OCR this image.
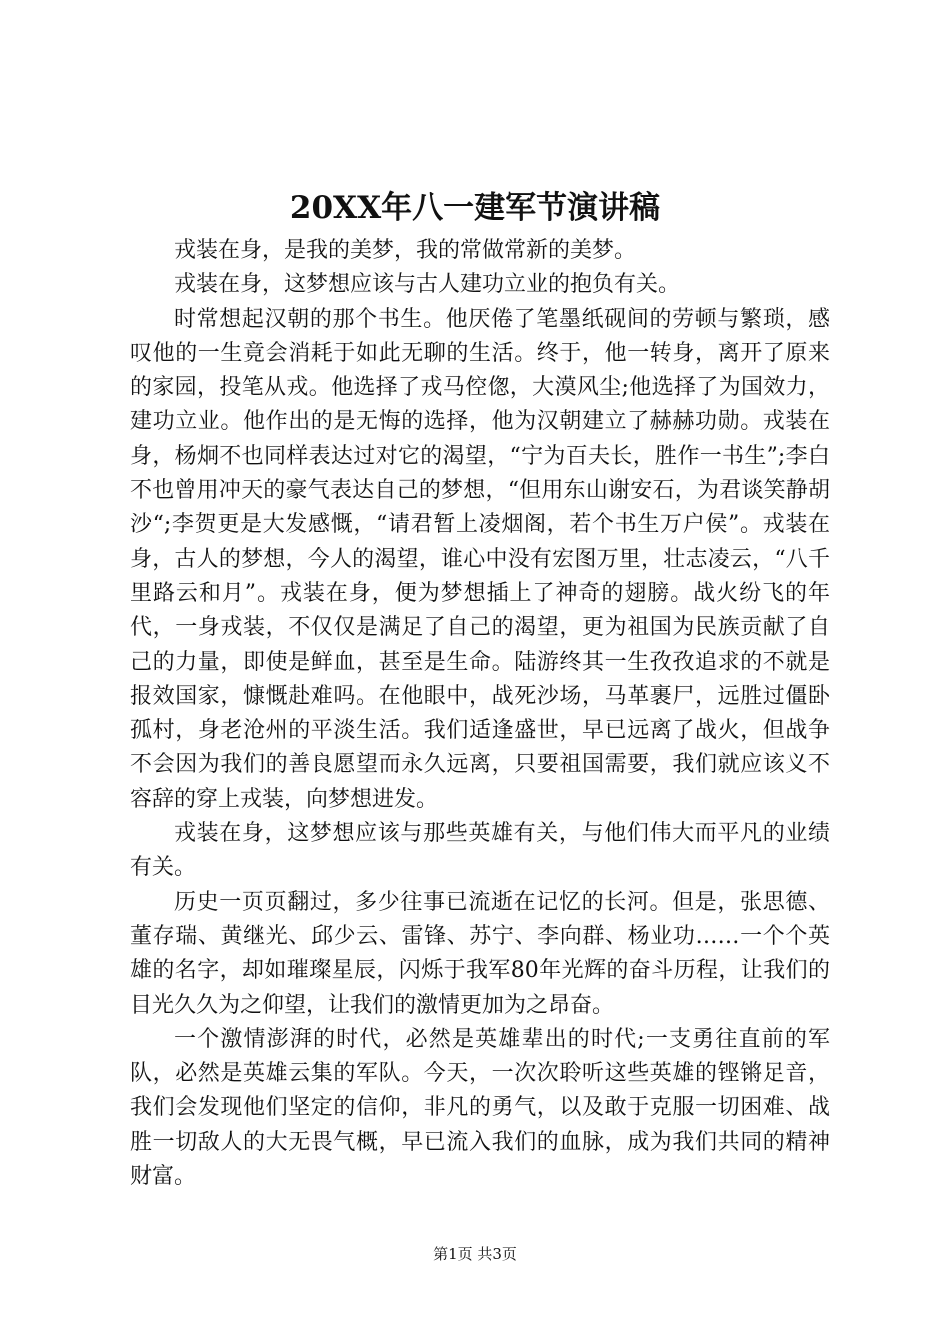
20XX年八一建军节演讲稿

戎装在身，是我的美梦，我的常做常新的美梦。

戎装在身，这梦想应该与古人建功立业的抱负有关。

时常想起汉朝的那个书生。他厌倦了笔墨纸砚间的劳顿与繁琐，感叹他的一生竟会消耗于如此无聊的生活。终于，他一转身，离开了原来的家园，投笔从戎。他选择了戎马倥偬，大漠风尘;他选择了为国效力，建功立业。他作出的是无悔的选择，他为汉朝建立了赫赫功勋。戎装在身，杨炯不也同样表达过对它的渴望，“宁为百夫长，胜作一书生”;李白不也曾用冲天的豪气表达自己的梦想，“但用东山谢安石，为君谈笑静胡沙“;李贺更是大发感慨，“请君暂上凌烟阁，若个书生万户侯”。戎装在身，古人的梦想，今人的渴望，谁心中没有宏图万里，壮志凌云，“八千里路云和月”。戎装在身，便为梦想插上了神奇的翅膀。战火纷飞的年代，一身戎装，不仅仅是满足了自己的渴望，更为祖国为民族贡献了自己的力量，即使是鲜血，甚至是生命。陆游终其一生孜孜追求的不就是报效国家，慷慨赴难吗。在他眼中，战死沙场，马革裹尸，远胜过僵卧孤村，身老沧州的平淡生活。我们适逢盛世，早已远离了战火，但战争不会因为我们的善良愿望而永久远离，只要祖国需要，我们就应该义不容辞的穿上戎装，向梦想进发。

戎装在身，这梦想应该与那些英雄有关，与他们伟大而平凡的业绩有关。

历史一页页翻过，多少往事已流逝在记忆的长河。但是，张思德、董存瑞、黄继光、邱少云、雷锋、苏宁、李向群、杨业功……一个个英雄的名字，却如璀璨星辰，闪烁于我军80年光辉的奋斗历程，让我们的目光久久为之仰望，让我们的激情更加为之昂奋。

一个激情澎湃的时代，必然是英雄辈出的时代;一支勇往直前的军队，必然是英雄云集的军队。今天，一次次聆听这些英雄的铿锵足音，我们会发现他们坚定的信仰，非凡的勇气，以及敢于克服一切困难、战胜一切敌人的大无畏气概，早已流入我们的血脉，成为我们共同的精神财富。

第1页 共3页
